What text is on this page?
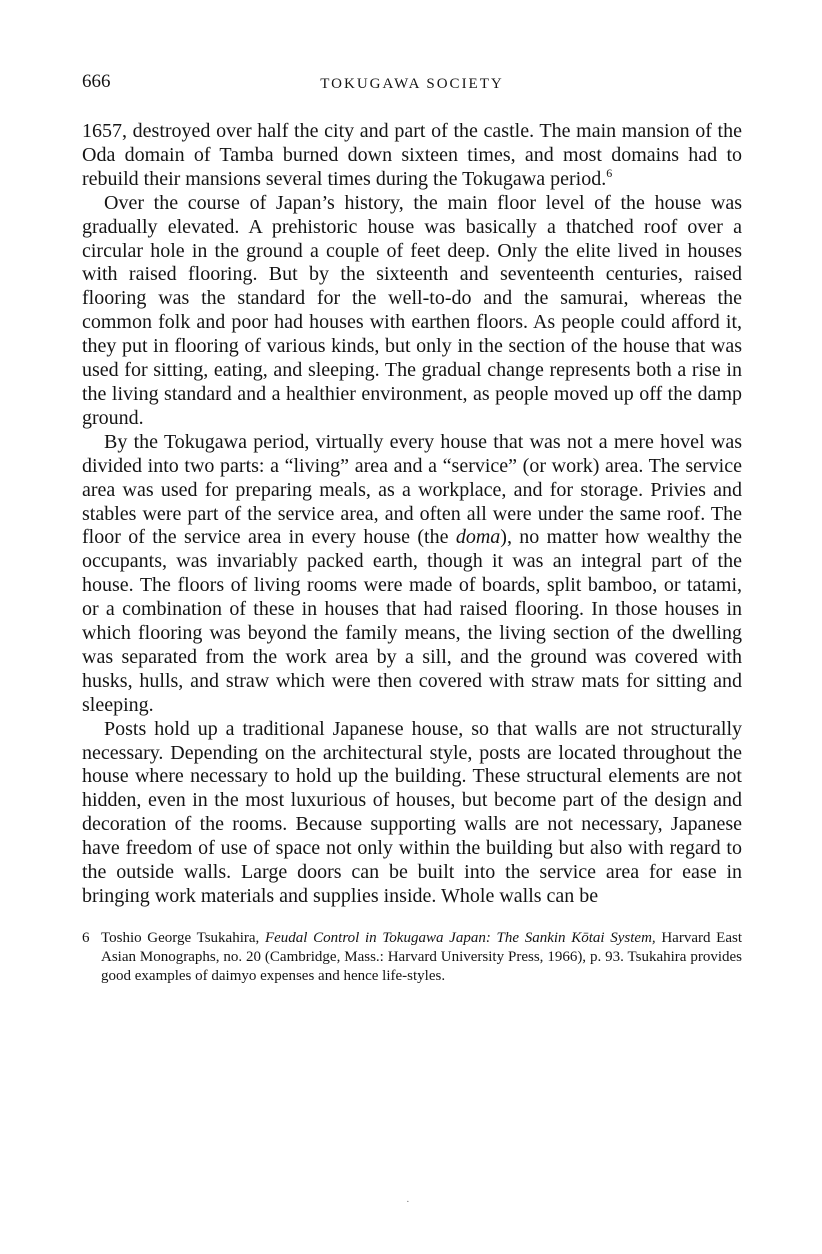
666	TOKUGAWA SOCIETY

1657, destroyed over half the city and part of the castle. The main mansion of the Oda domain of Tamba burned down sixteen times, and most domains had to rebuild their mansions several times during the Tokugawa period.$^6$

Over the course of Japan’s history, the main floor level of the house was gradually elevated. A prehistoric house was basically a thatched roof over a circular hole in the ground a couple of feet deep. Only the elite lived in houses with raised flooring. But by the sixteenth and seventeenth centuries, raised flooring was the standard for the well-to-do and the samurai, whereas the common folk and poor had houses with earthen floors. As people could afford it, they put in flooring of various kinds, but only in the section of the house that was used for sitting, eating, and sleeping. The gradual change represents both a rise in the living standard and a healthier environment, as people moved up off the damp ground.

By the Tokugawa period, virtually every house that was not a mere hovel was divided into two parts: a “living” area and a “service” (or work) area. The service area was used for preparing meals, as a workplace, and for storage. Privies and stables were part of the service area, and often all were under the same roof. The floor of the service area in every house (the doma), no matter how wealthy the occupants, was invariably packed earth, though it was an integral part of the house. The floors of living rooms were made of boards, split bamboo, or tatami, or a combination of these in houses that had raised flooring. In those houses in which flooring was beyond the family means, the living section of the dwelling was separated from the work area by a sill, and the ground was covered with husks, hulls, and straw which were then covered with straw mats for sitting and sleeping.

Posts hold up a traditional Japanese house, so that walls are not structurally necessary. Depending on the architectural style, posts are located throughout the house where necessary to hold up the building. These structural elements are not hidden, even in the most luxurious of houses, but become part of the design and decoration of the rooms. Because supporting walls are not necessary, Japanese have freedom of use of space not only within the building but also with regard to the outside walls. Large doors can be built into the service area for ease in bringing work materials and supplies inside. Whole walls can be

6 Toshio George Tsukahira, Feudal Control in Tokugawa Japan: The Sankin Kōtai System, Harvard East Asian Monographs, no. 20 (Cambridge, Mass.: Harvard University Press, 1966), p. 93. Tsukahira provides good examples of daimyo expenses and hence life-styles.
·
